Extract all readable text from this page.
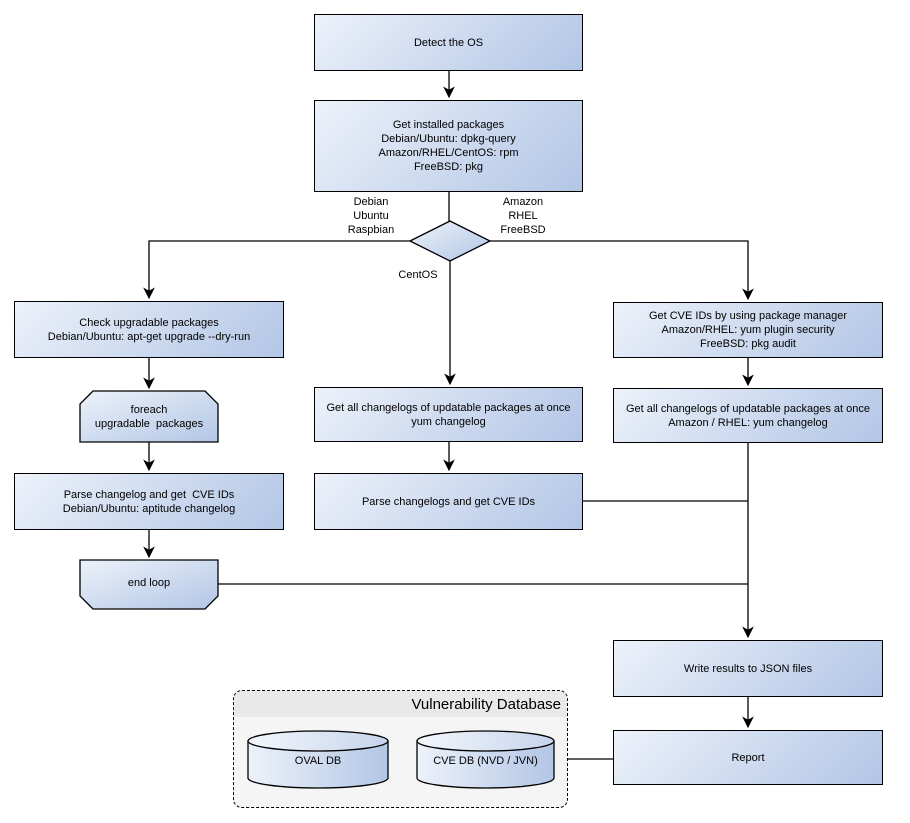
Vulnerability Database
Detect the OS
Get installed packages
Debian/Ubuntu: dpkg-query
Amazon/RHEL/CentOS: rpm
FreeBSD: pkg
Check upgradable packages
Debian/Ubuntu: apt-get upgrade --dry-run
Parse changelog and get  CVE IDs
Debian/Ubuntu: aptitude changelog
Get all changelogs of updatable packages at once
yum changelog
Parse changelogs and get CVE IDs
Get CVE IDs by using package manager
Amazon/RHEL: yum plugin security
FreeBSD: pkg audit
Get all changelogs of updatable packages at once
Amazon / RHEL: yum changelog
Write results to JSON files
Report
foreach
upgradable  packages
end loop
OVAL DB	CVE DB (NVD / JVN)
Debian
Ubuntu
Raspbian
Amazon
RHEL
FreeBSD
CentOS
